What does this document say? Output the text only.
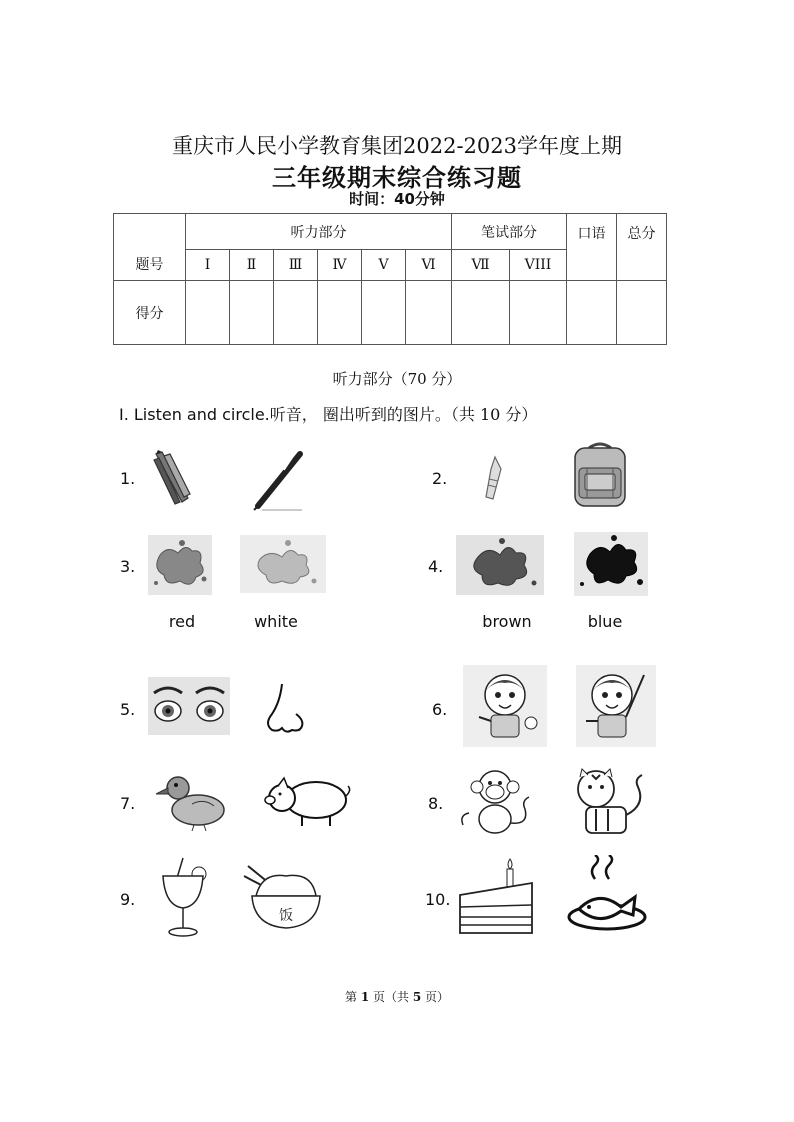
重庆市人民小学教育集团2022-2023学年度上期
三年级期末综合练习题
时间：40分钟
题号	听力部分						笔试部分		口语	总分
	Ⅰ	Ⅱ	Ⅲ	Ⅳ	Ⅴ	Ⅵ	Ⅶ	VIII		
得分										
听力部分（70 分）
I. Listen and circle.听音， 圈出听到的图片。（共 10 分）
1.	2.
3.	4.
5.	6.
7.	8.
9.	10.
red	white	brown	blue
饭
第 1 页（共 5 页）
